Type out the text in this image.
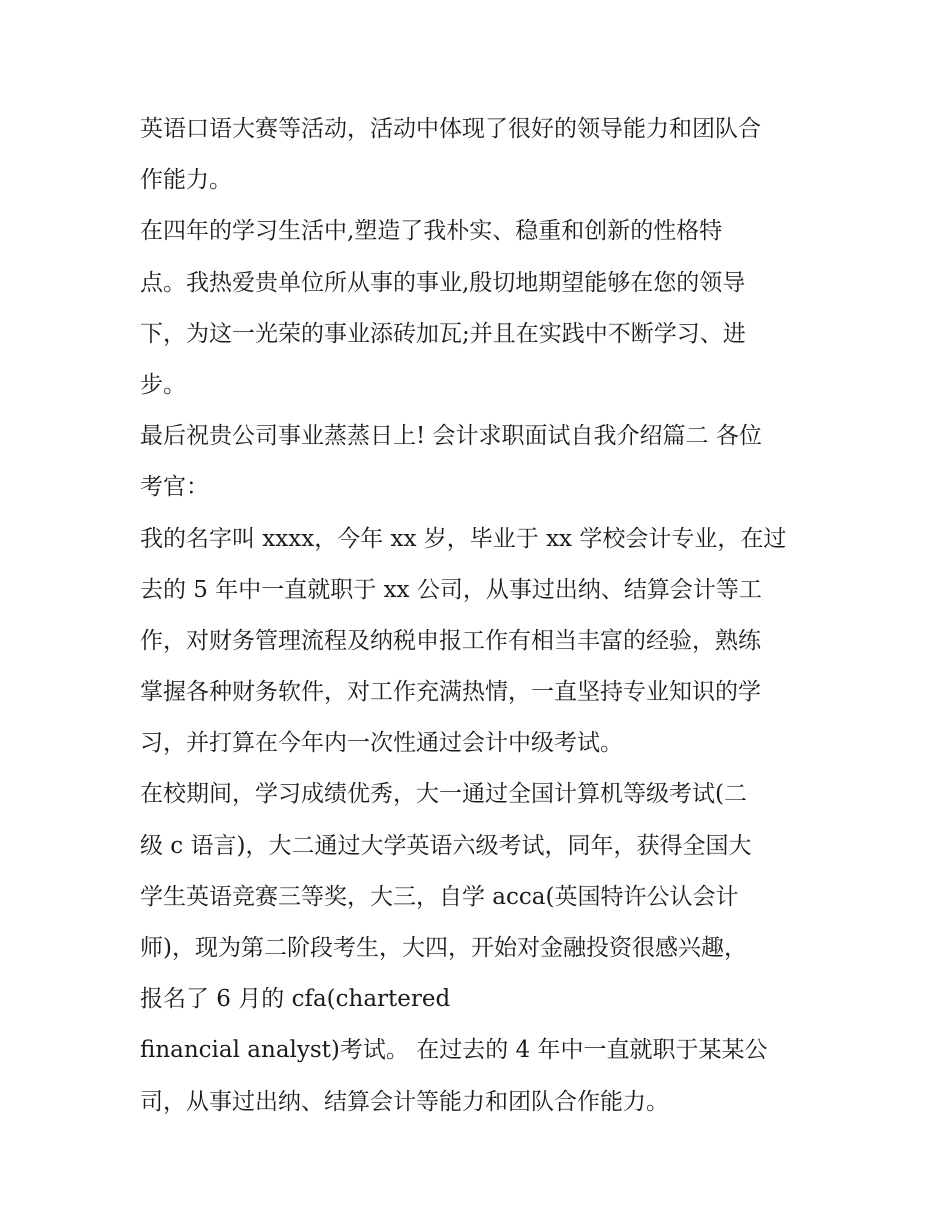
英语口语大赛等活动，活动中体现了很好的领导能力和团队合
作能力。
在四年的学习生活中,塑造了我朴实、稳重和创新的性格特
点。我热爱贵单位所从事的事业,殷切地期望能够在您的领导
下，为这一光荣的事业添砖加瓦;并且在实践中不断学习、进
步。
最后祝贵公司事业蒸蒸日上! 会计求职面试自我介绍篇二 各位
考官：
我的名字叫 xxxx，今年 xx 岁，毕业于 xx 学校会计专业，在过
去的 5 年中一直就职于 xx 公司，从事过出纳、结算会计等工
作，对财务管理流程及纳税申报工作有相当丰富的经验，熟练
掌握各种财务软件，对工作充满热情，一直坚持专业知识的学
习，并打算在今年内一次性通过会计中级考试。
在校期间，学习成绩优秀，大一通过全国计算机等级考试(二
级 c 语言)，大二通过大学英语六级考试，同年，获得全国大
学生英语竞赛三等奖，大三，自学 acca(英国特许公认会计
师)，现为第二阶段考生，大四，开始对金融投资很感兴趣，
报名了 6 月的 cfa(chartered
financial analyst)考试。 在过去的 4 年中一直就职于某某公
司，从事过出纳、结算会计等能力和团队合作能力。
